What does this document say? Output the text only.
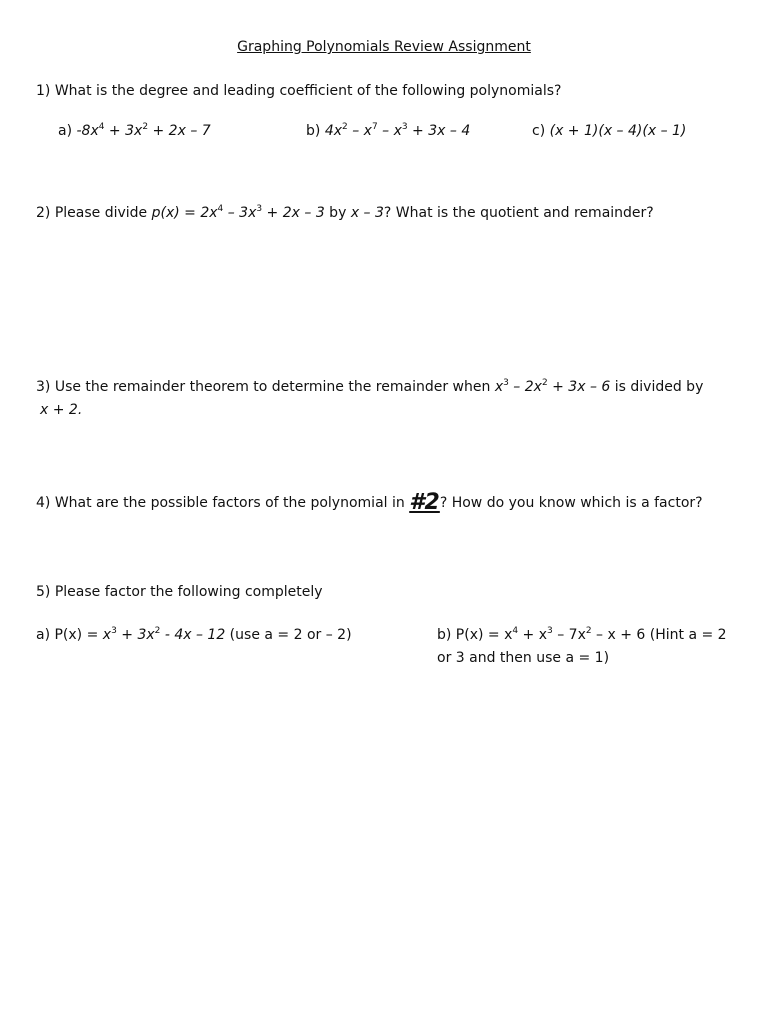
Graphing Polynomials Review Assignment
1) What is the degree and leading coefficient of the following polynomials?
a) $-8x^4 + 3x^2 + 2x - 7$	b) $4x^2 - x^7 - x^3 + 3x - 4$	c) (x + 1)(x – 4)(x – 1)
2) Please divide $p(x) = 2x^4 - 3x^3 + 2x - 3$ by x – 3? What is the quotient and remainder?
3) Use the remainder theorem to determine the remainder when $x^3 - 2x^2 + 3x - 6$ is divided by
x + 2.
4) What are the possible factors of the polynomial in #2? How do you know which is a factor?
5) Please factor the following completely
a) $P(x) = x^3 + 3x^2 - 4x - 12$ (use a = 2 or – 2)	b) $P(x) = x^4 + x^3 - 7x^2 - x + 6$ (Hint a = 2
or 3 and then use a = 1)
